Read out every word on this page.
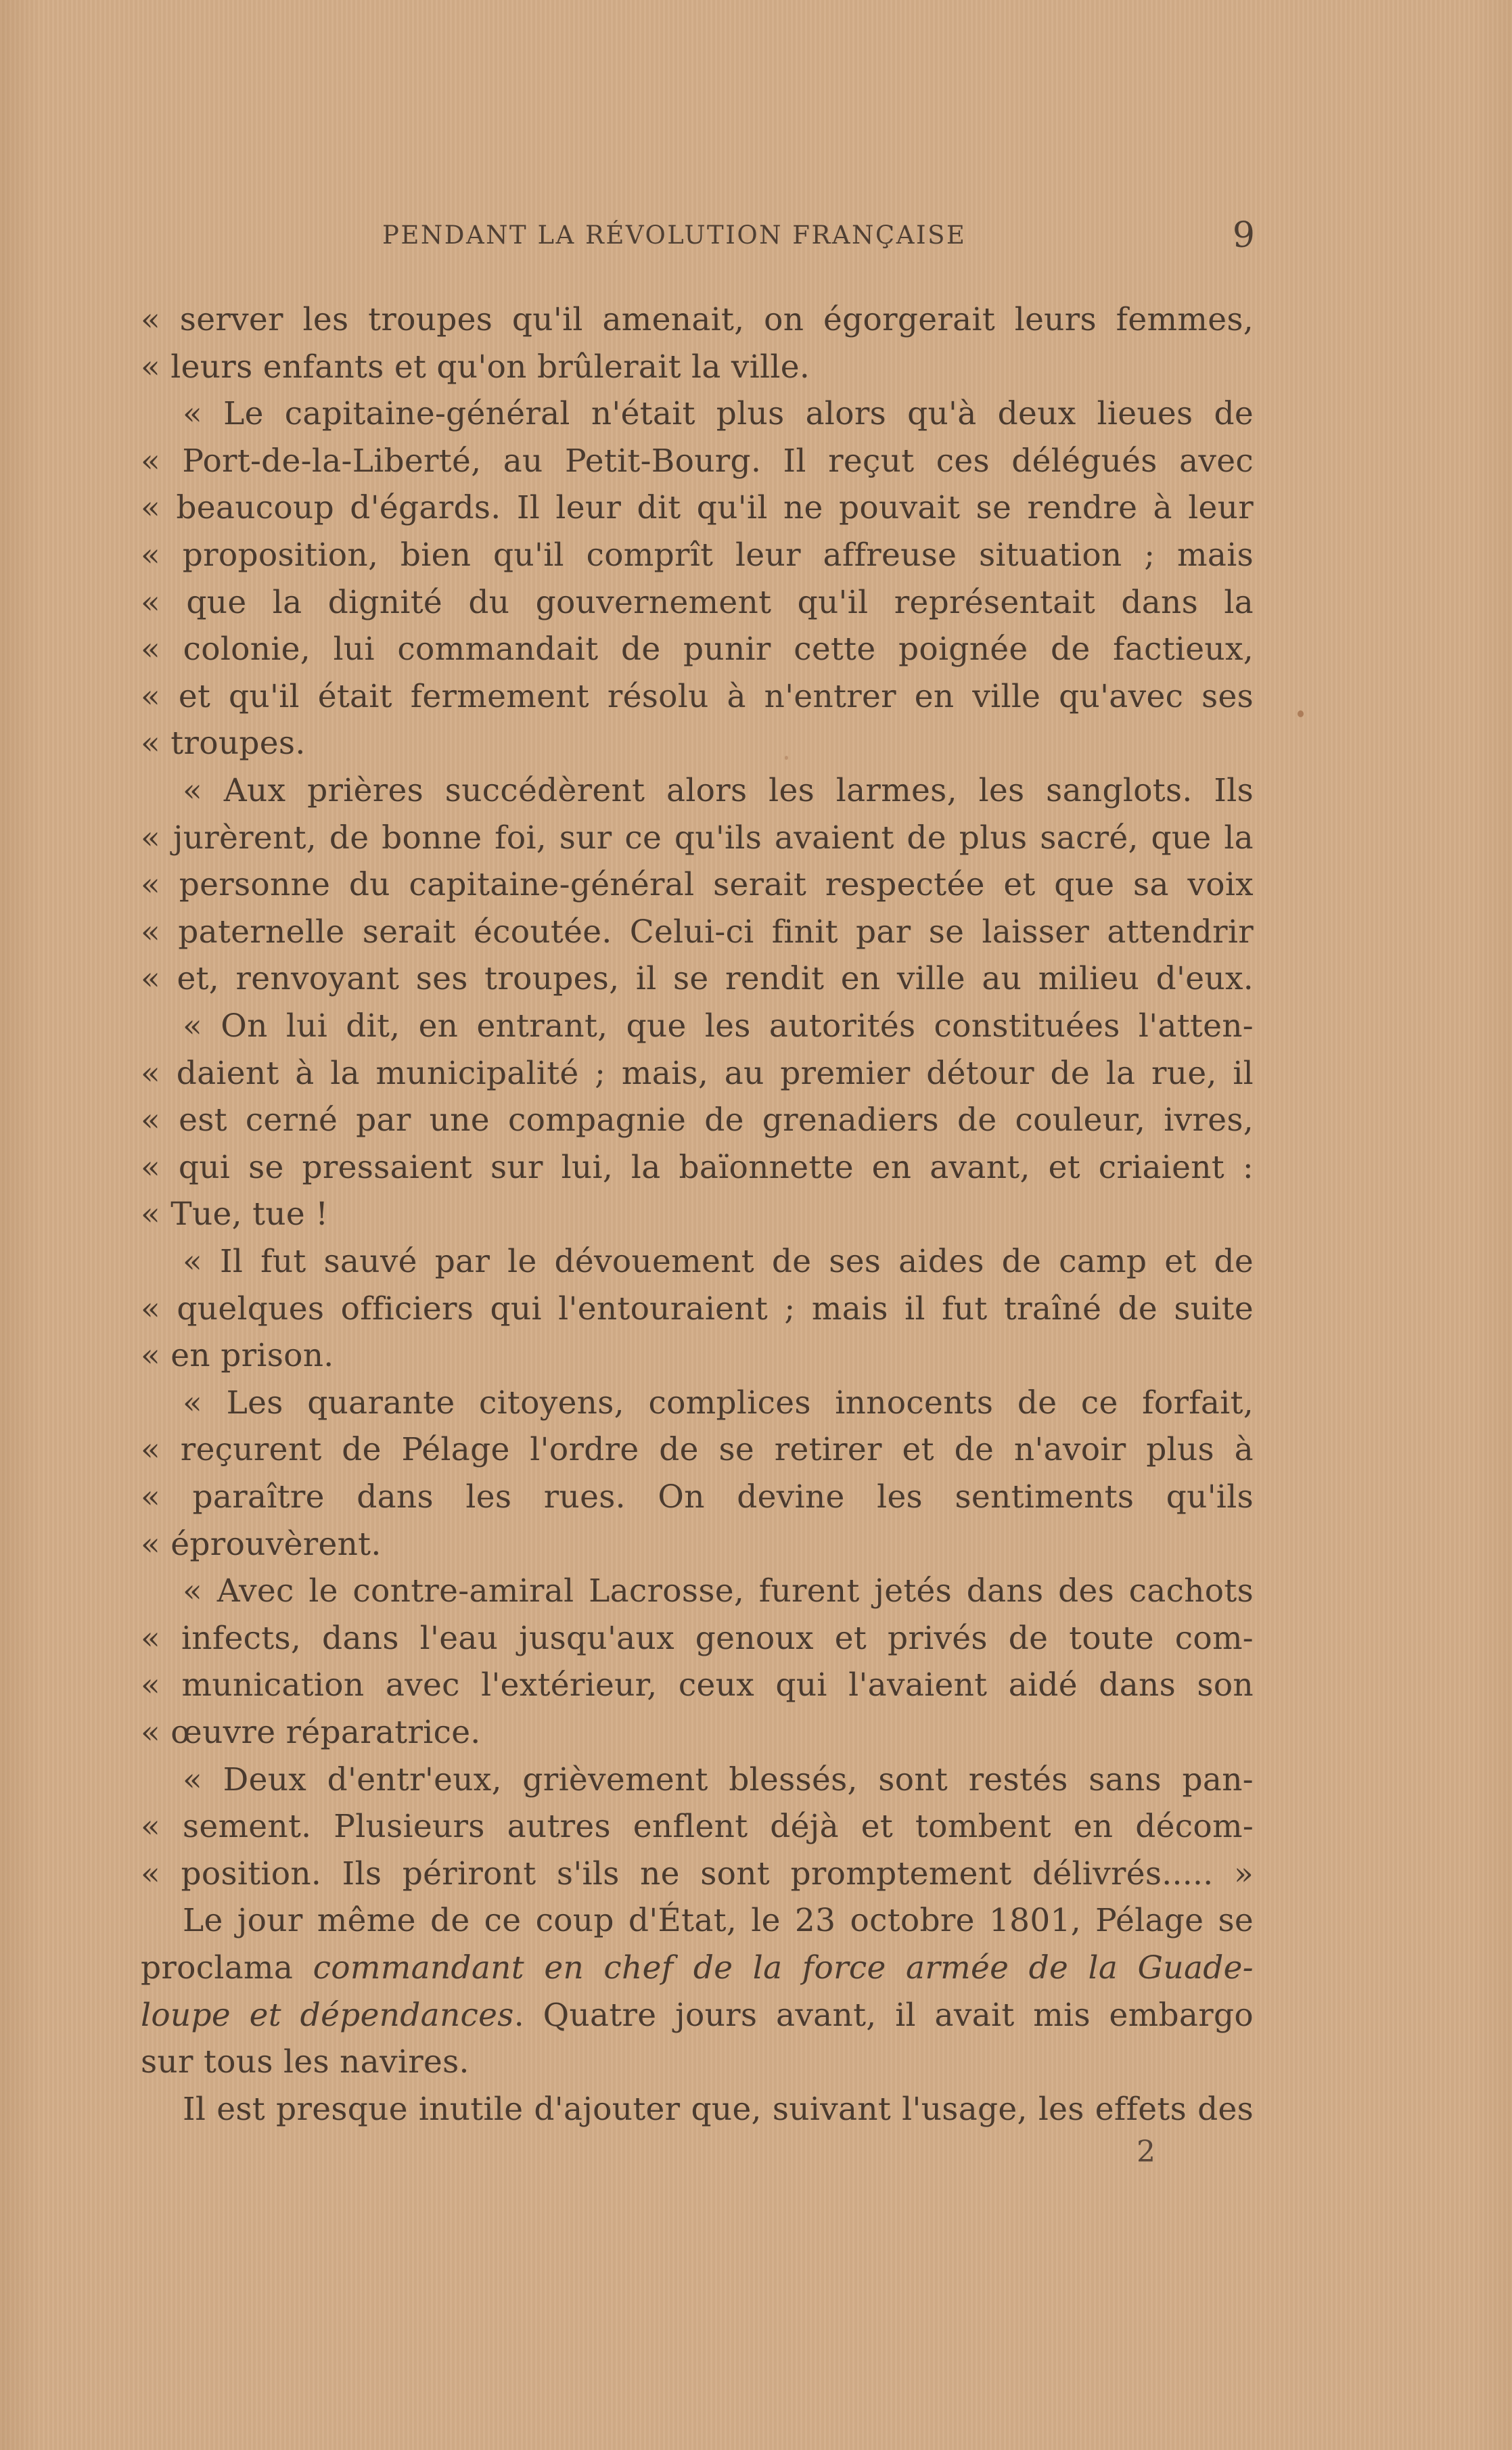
PENDANT LA RÉVOLUTION FRANÇAISE	9
« server les troupes qu'il amenait, on égorgerait leurs femmes,
« leurs enfants et qu'on brûlerait la ville.
« Le capitaine-général n'était plus alors qu'à deux lieues de
« Port-de-la-Liberté, au Petit-Bourg. Il reçut ces délégués avec
« beaucoup d'égards. Il leur dit qu'il ne pouvait se rendre à leur
« proposition, bien qu'il comprît leur affreuse situation ; mais
« que la dignité du gouvernement qu'il représentait dans la
« colonie, lui commandait de punir cette poignée de factieux,
« et qu'il était fermement résolu à n'entrer en ville qu'avec ses
« troupes.
« Aux prières succédèrent alors les larmes, les sanglots. Ils
« jurèrent, de bonne foi, sur ce qu'ils avaient de plus sacré, que la
« personne du capitaine-général serait respectée et que sa voix
« paternelle serait écoutée. Celui-ci finit par se laisser attendrir
« et, renvoyant ses troupes, il se rendit en ville au milieu d'eux.
« On lui dit, en entrant, que les autorités constituées l'atten-
« daient à la municipalité ; mais, au premier détour de la rue, il
« est cerné par une compagnie de grenadiers de couleur, ivres,
« qui se pressaient sur lui, la baïonnette en avant, et criaient :
« Tue, tue !
« Il fut sauvé par le dévouement de ses aides de camp et de
« quelques officiers qui l'entouraient ; mais il fut traîné de suite
« en prison.
« Les quarante citoyens, complices innocents de ce forfait,
« reçurent de Pélage l'ordre de se retirer et de n'avoir plus à
« paraître dans les rues. On devine les sentiments qu'ils
« éprouvèrent.
« Avec le contre-amiral Lacrosse, furent jetés dans des cachots
« infects, dans l'eau jusqu'aux genoux et privés de toute com-
« munication avec l'extérieur, ceux qui l'avaient aidé dans son
« œuvre réparatrice.
« Deux d'entr'eux, grièvement blessés, sont restés sans pan-
« sement. Plusieurs autres enflent déjà et tombent en décom-
« position. Ils périront s'ils ne sont promptement délivrés..... »
Le jour même de ce coup d'État, le 23 octobre 1801, Pélage se
proclama commandant en chef de la force armée de la Guade-
loupe et dépendances. Quatre jours avant, il avait mis embargo
sur tous les navires.
Il est presque inutile d'ajouter que, suivant l'usage, les effets des
2
